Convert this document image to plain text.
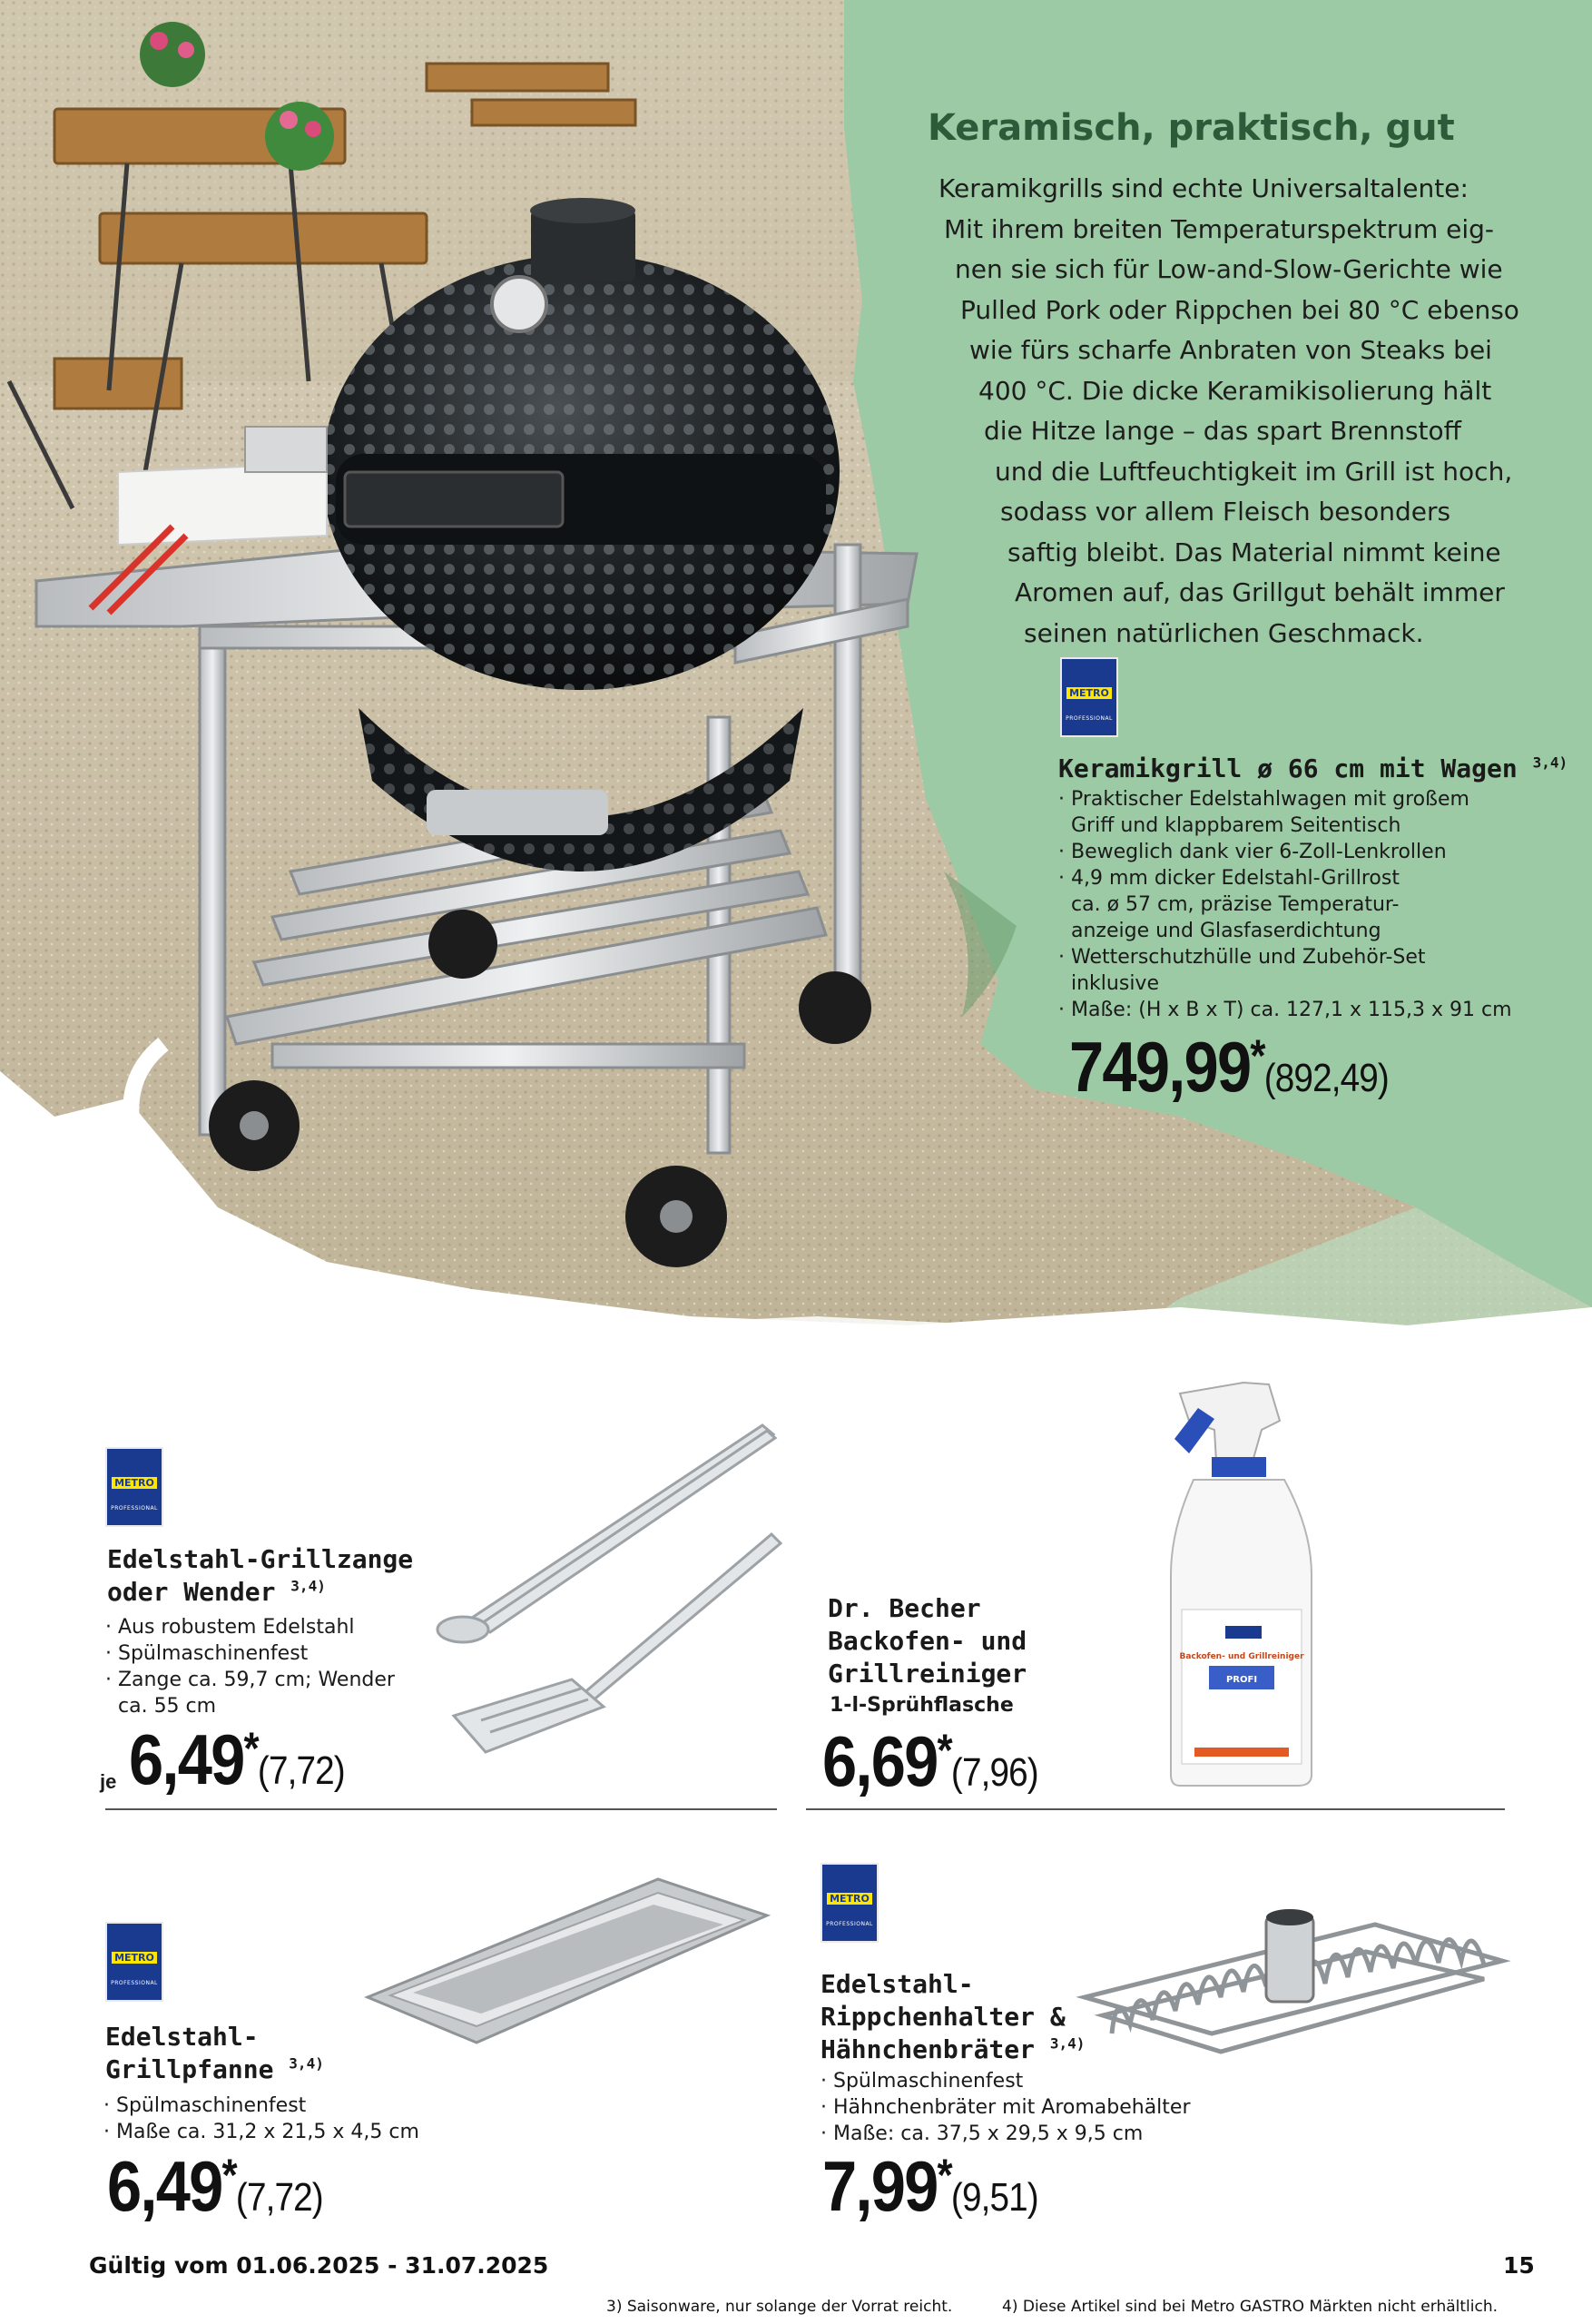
Keramisch, praktisch, gut
Keramikgrills sind echte Universaltalente:
Mit ihrem breiten Temperaturspektrum eig-
nen sie sich für Low-and-Slow-Gerichte wie
Pulled Pork oder Rippchen bei 80 °C ebenso
wie fürs scharfe Anbraten von Steaks bei
400 °C. Die dicke Keramikisolierung hält
die Hitze lange – das spart Brennstoff
und die Luftfeuchtigkeit im Grill ist hoch,
sodass vor allem Fleisch besonders
saftig bleibt. Das Material nimmt keine
Aromen auf, das Grillgut behält immer
seinen natürlichen Geschmack.
METRO
PROFESSIONAL
Keramikgrill ø 66 cm mit Wagen $^{3,4)}$
· Praktischer Edelstahlwagen mit großem
Griff und klappbarem Seitentisch
· Beweglich dank vier 6-Zoll-Lenkrollen
· 4,9 mm dicker Edelstahl-Grillrost
ca. ø 57 cm, präzise Temperatur-
anzeige und Glasfaserdichtung
· Wetterschutzhülle und Zubehör-Set
inklusive
· Maße: (H x B x T) ca. 127,1 x 115,3 x 91 cm
749,99*(892,49)
METRO
PROFESSIONAL
Edelstahl-Grillzange
oder Wender $^{3,4)}$
· Aus robustem Edelstahl
· Spülmaschinenfest
· Zange ca. 59,7 cm; Wender
ca. 55 cm
je 6,49*(7,72)
Dr. Becher
Backofen- und
Grillreiniger
1-l-Sprühflasche
6,69*(7,96)
Backofen- und Grillreiniger
PROFI
METRO
PROFESSIONAL
Edelstahl-
Grillpfanne $^{3,4)}$
· Spülmaschinenfest
· Maße ca. 31,2 x 21,5 x 4,5 cm
6,49*(7,72)
METRO
PROFESSIONAL
Edelstahl-
Rippchenhalter &
Hähnchenbräter $^{3,4)}$
· Spülmaschinenfest
· Hähnchenbräter mit Aromabehälter
· Maße: ca. 37,5 x 29,5 x 9,5 cm
7,99*(9,51)
Gültig vom 01.06.2025 - 31.07.2025	15
3) Saisonware, nur solange der Vorrat reicht.	4) Diese Artikel sind bei Metro GASTRO Märkten nicht erhältlich.
